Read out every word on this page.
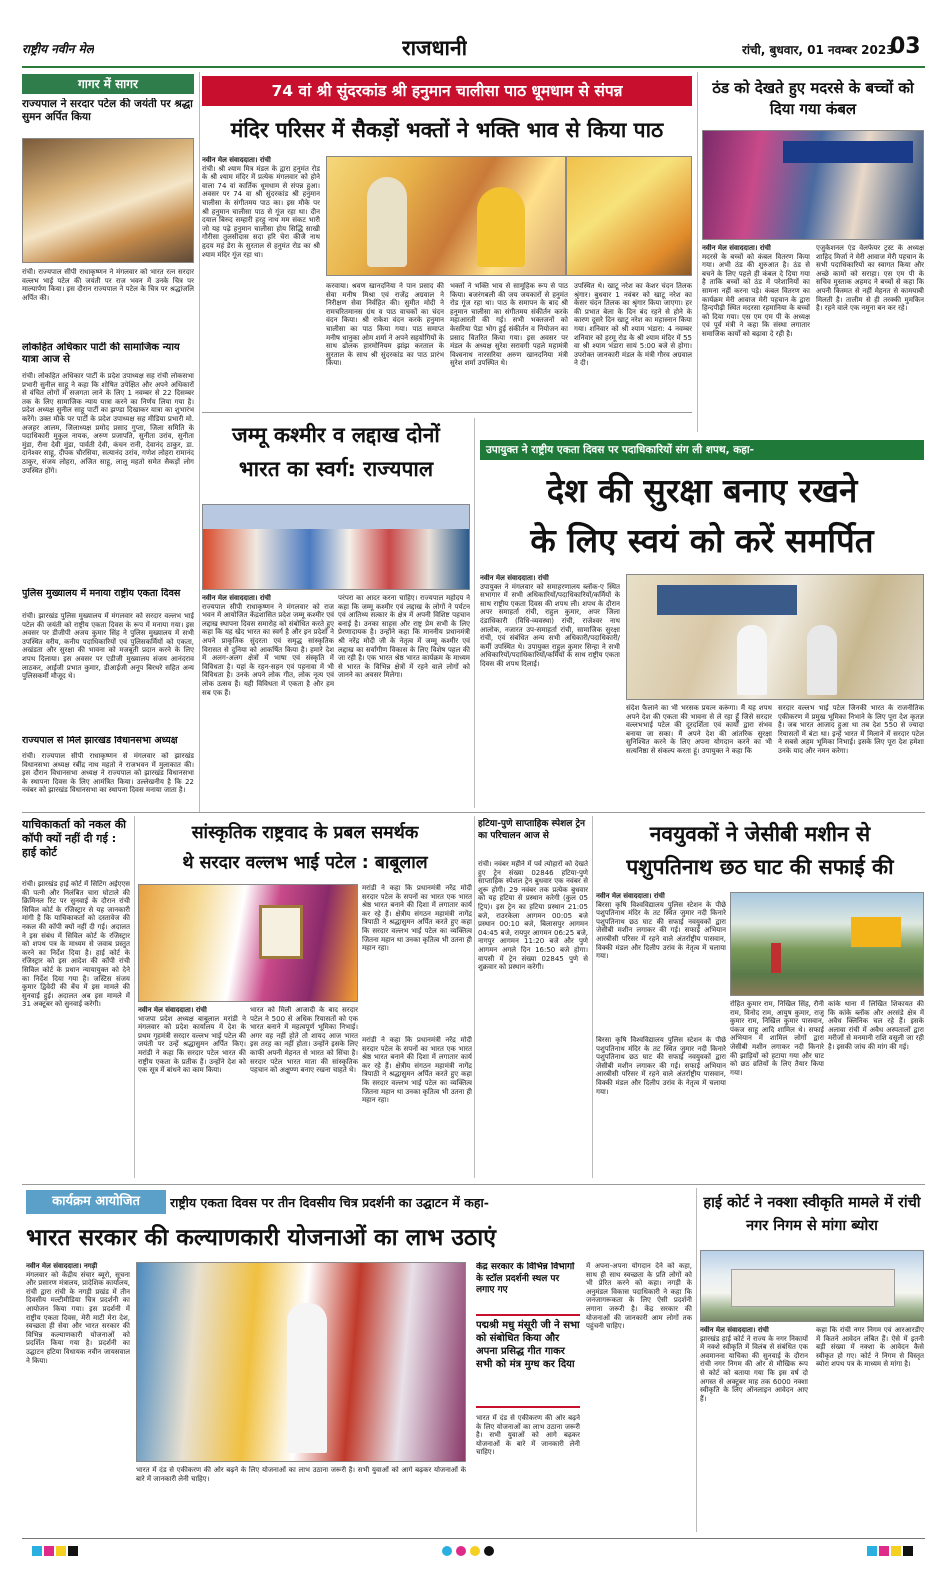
राष्ट्रीय नवीन मेल	राजधानी	रांची, बुधवार, 01 नवम्बर 2023
03
गागर में सागर
राज्यपाल ने सरदार पटेल की जयंती पर श्रद्धा सुमन अर्पित किया
रांची। राज्यपाल सीपी राधाकृष्णन ने मंगलवार को भारत रत्न सरदार वल्लभ भाई पटेल की जयंती पर राज भवन में उनके चित्र पर माल्यार्पण किया। इस दौरान राज्यपाल ने पटेल के चित्र पर श्रद्धांजलि अर्पित की।
लोकहित अधिकार पार्टी की सामाजिक न्याय यात्रा आज से
रांची। लोकहित अधिकार पार्टी के प्रदेश उपाध्यक्ष सह रांची लोकसभा प्रभारी सुनील साहू ने कहा कि शोषित उपेक्षित और अपने अधिकारों से वंचित लोगों में सजगता लाने के लिए 1 नवम्बर से 22 दिसम्बर तक के लिए सामाजिक न्याय यात्रा करने का निर्णय लिया गया है। प्रदेश अध्यक्ष सुनील साहू पार्टी का झण्डा दिखाकर यात्रा का शुभारंभ करेंगे। उक्त मौके पर पार्टी के प्रदेश उपाध्यक्ष सह मीडिया प्रभारी मो. अजहर आलम, जिलाध्यक्ष प्रमोद प्रसाद गुप्ता, जिला समिति के पदाधिकारी मुकुल नायक, अरुण प्रजापति, सुनीता उरांव, सुनीता मुंडा, रीना देवी मुंडा, पार्वती देवी, कंचन रानी, देवानंद ठाकुर, डा. दानेश्वर साहू, दीपक चौरसिया, सत्यानंद उरांव, गणेश लोहरा रामानंद ठाकुर, संजय लोहरा, अजित साहू, लालू महतो समेत सैकड़ों लोग उपस्थित होंगे।
पुलिस मुख्यालय में मनाया राष्ट्रीय एकता दिवस
रांची। झारखंड पुलिस मुख्यालय में मंगलवार को सरदार वल्लभ भाई पटेल की जयंती को राष्ट्रीय एकता दिवस के रूप में मनाया गया। इस अवसर पर डीजीपी अजय कुमार सिंह ने पुलिस मुख्यालय में सभी उपस्थित वरीय, कनीय पदाधिकारियों एवं पुलिसकर्मियों को एकता, अखंडता और सुरक्षा की भावना को मजबूती प्रदान करने के लिए शपथ दिलाया। इस अवसर पर एडीजी मुख्यालय संजय आनंदराव लाठकर, आईजी प्रभात कुमार, डीआईजी अनूप बिरथरे सहित अन्य पुलिसकर्मी मौजूद थे।
राज्यपाल से मिले झारखंड विधानसभा अध्यक्ष
रांची। राज्यपाल सीपी राधाकृष्णन से मंगलवार को झारखंड विधानसभा अध्यक्ष रबींद्र नाथ महतो ने राजभवन में मुलाकात की। इस दौरान विधानसभा अध्यक्ष ने राज्यपाल को झारखंड विधानसभा के स्थापना दिवस के लिए आमंत्रित किया। उल्लेखनीय है कि 22 नवंबर को झारखंड विधानसभा का स्थापना दिवस मनाया जाता है।
74 वां श्री सुंदरकांड श्री हनुमान चालीसा पाठ धूमधाम से संपन्न
मंदिर परिसर में सैकड़ों भक्तों ने भक्ति भाव से किया पाठ
नवीन मेल संवाददाता। रांची
रांची। श्री श्याम मित्र मंडल के द्वारा हनुमंत रोड के श्री श्याम मंदिर में प्रत्येक मंगलवार को होने वाला 74 वां कार्तिक धूमधाम से संपन्न हुआ। अवसर पर 74 वा श्री सुंदरकांड श्री हनुमान चालीसा के संगीतमय पाठ का। इस मौके पर श्री हनुमान चालीसा पाठ से गूंज रहा था। दीन दयाल बिरुद सम्हारी हरहु नाथ मम संकट भारी जो यह पढ़े हनुमान चालीसा होय सिद्धि साखी गौरीसा तुलसीदास सदा हरि चेरा कीजै नाथ हृदय महं डेरा के सुरताल से हनुमंत रोड का श्री श्याम मंदिर गूंज रहा था।
करवाया। श्रवण खानदनिया ने पान प्रसाद की सेवा मनीष मिश्रा एवं राजेंद्र अग्रवाल ने निरीक्षण सेवा निर्वहित की। सुमीत मोदी ने रामचरितमानस ग्रंथ व पाठ वाचकों का चंदन वंदन किया। श्री राकेश वंदन करके हनुमान चालीसा का पाठ किया गया। पाठ समाप्त मनीष धानुका ओम शर्मा ने अपने सहयोगियों के साथ ढोलक हारमोनियम झांझ करताल के सुरताल के साथ श्री सुंदरकांड का पाठ प्रारंभ किया।
भक्तों ने भक्ति भाव से सामूहिक रूप से पाठ किया। बजरंगबली की जय जयकारों से हनुमंत रोड गूंज रहा था। पाठ के समापन के बाद श्री हनुमान चालीसा का संगीतमय संकीर्तन करके महाआरती की गई। सभी भक्तजनों को केसरिया पेडा भोग हुई संकीर्तन व नियोजन का प्रसाद वितरित किया गया। इस अवसर पर मंडल के अध्यक्ष सुरेश सरावगी पहले महामंत्री विश्वनाथ नारसरिया अरुण खानदनिया मंत्री सुरेश शर्मा उपस्थित थे।
उपस्थित थे। खाटू नरेश का केशर चंदन तिलक श्रृंगार। बुधवार 1 नवंबर को खाटू नरेश का केसर चंदन तिलक का श्रृंगार किया जाएगा। हर की प्रभात बेला के दिन बंद रहने से होने के कारण दूसरे दिन खाटू नरेश का महास्नान किया गया। शनिवार को श्री श्याम भंडारा: 4 नवम्बर शनिवार को हरमू रोड के श्री श्याम मंदिर में 55 वा श्री श्याम भंडारा सायं 5:00 बजे से होगा। उपरोक्त जानकारी मंडल के मंत्री गौरव अग्रवाल ने दी।
ठंड को देखते हुए मदरसे के बच्चों को दिया गया कंबल
नवीन मेल संवाददाता। रांची
मदरसे के बच्चों को कंबल वितरण किया गया। अभी ठंड की शुरुआत है। ठंड से बचने के लिए पहले ही कंबल दे दिया गया है ताकि बच्चों को ठंड में परेशानियों का सामना नहीं करना पड़े। कंबल वितरण का कार्यक्रम मेरी आवाज मेरी पहचान के द्वारा हिन्दपीढ़ी स्थित मदरसा रहमानिया के बच्चों को दिया गया। एस एम एम पी के अध्यक्ष एवं पूर्व मंत्री ने कहा कि संस्था लगातार समाजिक कार्यों को बढ़ावा दे रही है।
एजुकेशनल एंड वेलफेयर ट्रस्ट के अध्यक्ष शाहिद मिर्जा ने मेरी आवाज मेरी पहचान के सभी पदाधिकारियों का स्वागत किया और अच्छे कामों को सराहा। एस एम पी के सचिव मुस्ताक अहमद ने बच्चों से कहा कि अपनी किस्मत से नहीं मेहनत से कामयाबी मिलती है। तालीम से ही तरक्की मुमकिन है। रहने वाले एक नमूना बन कर रहे।
जम्मू कश्मीर व लद्दाख दोनों
भारत का स्वर्ग: राज्यपाल
नवीन मेल संवाददाता। रांची
राज्यपाल सीपी राधाकृष्णन ने मंगलवार को राज भवन में आयोजित केंद्रशासित प्रदेश जम्मू कश्मीर एवं लद्दाख स्थापना दिवस समारोह को संबोधित करते हुए कहा कि यह खेद भारत का स्वर्ग है और इन प्रदेशों ने अपने प्राकृतिक सुंदरता एवं समृद्ध सांस्कृतिक विरासत से दुनिया को आकर्षित किया है। हमारे देश में अलग-अलग क्षेत्रों में भाषा एवं संस्कृति में विविधता है। यहां के रहन-सहन एवं पहनावा में भी विविधता है। उनके अपने लोक गीत, लोक नृत्य एवं लोक उत्सव हैं। यही विविधता में एकता है और हम सब एक हैं।
परंपरा का आदर करना चाहिए। राज्यपाल महोदय ने कहा कि जम्मू कश्मीर एवं लद्दाख के लोगों ने पर्यटन एवं आतिथ्य सत्कार के क्षेत्र में अपनी विशिष्ट पहचान बनाई है। उनका साहस और राष्ट्र प्रेम सभी के लिए प्रेरणादायक है। उन्होंने कहा कि माननीय प्रधानमंत्री श्री नरेंद्र मोदी जी के नेतृत्व में जम्मू कश्मीर एवं लद्दाख का सर्वांगीण विकास के लिए विशेष पहल की जा रही है। एक भारत श्रेष्ठ भारत कार्यक्रम के माध्यम से भारत के विभिन्न क्षेत्रों में रहने वाले लोगों को जानने का अवसर मिलेगा।
उपायुक्त ने राष्ट्रीय एकता दिवस पर पदाधिकारियों संग ली शपथ, कहा-
देश की सुरक्षा बनाए रखने
के लिए स्वयं को करें समर्पित
नवीन मेल संवाददाता। रांची
उपायुक्त ने मंगलवार को समाहरणालय ब्लॉक-ए स्थित सभागार में सभी अधिकारियों/पदाधिकारियों/कर्मियों के साथ राष्ट्रीय एकता दिवस की शपथ ली। शपथ के दौरान अपर समाहर्ता रांची, राहुल कुमार, अपर जिला दंडाधिकारी (विधि-व्यवस्था) रांची, राजेश्वर नाथ आलोक, नजारत उप-समाहर्ता रांची, सामाजिक सुरक्षा रांची, एवं संबंधित अन्य सभी अधिकारी/पदाधिकारी/कर्मी उपस्थित थे। उपायुक्त राहुल कुमार सिन्हा ने सभी अधिकारियों/पदाधिकारियों/कर्मियों के साथ राष्ट्रीय एकता दिवस की शपथ दिलाई।
संदेश फैलाने का भी भरसक प्रयत्न करूंगा। मैं यह शपथ अपने देश की एकता की भावना से ले रहा हूँ जिसे सरदार वल्लभभाई पटेल की दूरदर्शिता एवं कार्यों द्वारा संभव बनाया जा सका। मैं अपने देश की आंतरिक सुरक्षा सुनिश्चित करने के लिए अपना योगदान करने का भी सत्यनिष्ठा से संकल्प करता हूं। उपायुक्त ने कहा कि
सरदार वल्लभ भाई पटेल जिनकी भारत के राजनीतिक एकीकरण में प्रमुख भूमिका निभाने के लिए पूरा देश कृतज्ञ है। जब भारत आजाद हुआ था तब देश 550 से ज्यादा रियासतों में बंटा था। इन्हें भारत में मिलाने में सरदार पटेल ने सबसे अहम भूमिका निभाई। इसके लिए पूरा देश हमेशा उनके याद और नमन करेगा।
याचिकाकर्ता को नकल की कॉपी क्यों नहीं दी गई : हाई कोर्ट
रांची। झारखंड हाई कोर्ट में सिटिंग अईएएस की पत्नी और निलंबित चारा घोटाले की क्रिमिनल रिट पर सुनवाई के दौरान रांची सिविल कोर्ट के रजिस्ट्रार से यह जानकारी मांगी है कि याचिकाकर्ता को दस्तावेज की नकल की कॉपी क्यों नहीं दी गई। अदालत ने इस संबंध में सिविल कोर्ट के रजिस्ट्रार को शपथ पत्र के माध्यम से जवाब प्रस्तुत करने का निर्देश दिया है। हाई कोर्ट के रजिस्ट्रार को इस आदेश की कॉपी रांची सिविल कोर्ट के प्रधान न्यायायुक्त को देने का निर्देश दिया गया है। जस्टिस संजय कुमार द्विवेदी की बेंच में इस मामले की सुनवाई हुई। अदालत अब इस मामले में 31 अक्टूबर को सुनवाई करेगी।
सांस्कृतिक राष्ट्रवाद के प्रबल समर्थक
थे सरदार वल्लभ भाई पटेल : बाबूलाल
मरांडी ने कहा कि प्रधानमंत्री नरेंद्र मोदी सरदार पटेल के सपनों का भारत एक भारत श्रेष्ठ भारत बनाने की दिशा में लगातार कार्य कर रहे हैं। क्षेत्रीय संगठन महामंत्री नागेंद्र त्रिपाठी ने श्रद्धासुमन अर्पित करते हुए कहा कि सरदार वल्लभ भाई पटेल का व्यक्तित्व जितना महान था उनका कृतित्व भी उतना ही महान रहा।
नवीन मेल संवाददाता। रांची
भाजपा प्रदेश अध्यक्ष बाबूलाल मरांडी ने मंगलवार को प्रदेश कार्यालय में देश के प्रथम गृहमंत्री सरदार वल्लभ भाई पटेल की जयंती पर उन्हें श्रद्धासुमन अर्पित किए। मरांडी ने कहा कि सरदार पटेल भारत की राष्ट्रीय एकता के प्रतीक हैं। उन्होंने देश को एक सूत्र में बांधने का काम किया।
भारत को मिली आजादी के बाद सरदार पटेल ने 500 से अधिक रियासतों को एक भारत बनाने में महत्वपूर्ण भूमिका निभाई। अगर वह नहीं होते तो शायद आज भारत इस तरह का नहीं होता। उन्होंने इसके लिए काफी अपनी मेहनत से भारत को सिंचा है। सरदार पटेल भारत माता की सांस्कृतिक पहचान को अक्षुण्ण बनाए रखना चाहते थे।
मरांडी ने कहा कि प्रधानमंत्री नरेंद्र मोदी सरदार पटेल के सपनों का भारत एक भारत श्रेष्ठ भारत बनाने की दिशा में लगातार कार्य कर रहे हैं। क्षेत्रीय संगठन महामंत्री नागेंद्र त्रिपाठी ने श्रद्धासुमन अर्पित करते हुए कहा कि सरदार वल्लभ भाई पटेल का व्यक्तित्व जितना महान था उनका कृतित्व भी उतना ही महान रहा।
हटिया-पुणे साप्ताहिक स्पेशल ट्रेन का परिचालन आज से
रांची। नवंबर महीने में पर्व त्योहारों को देखते हुए ट्रेन संख्या 02846 हटिया-पुणे साप्ताहिक स्पेशल ट्रेन बुधवार एक नवंबर से शुरू होगी। 29 नवंबर तक प्रत्येक बुधवार को यह हटिया से प्रस्थान करेगी (कुल 05 ट्रिप)। इस ट्रेन का हटिया प्रस्थान 21:05 बजे, राउरकेला आगमन 00:05 बजे प्रस्थान 00:10 बजे, बिलासपुर आगमन 04:45 बजे, रायपुर आगमन 06:25 बजे, नागपुर आगमन 11:20 बजे और पुणे आगमन अगले दिन 16:50 बजे होगा। वापसी में ट्रेन संख्या 02845 पुणे से शुक्रवार को प्रस्थान करेगी।
नवयुवकों ने जेसीबी मशीन से
पशुपतिनाथ छठ घाट की सफाई की
नवीन मेल संवाददाता। रांची
बिरसा कृषि विश्वविद्यालय पुलिस स्टेशन के पीछे पशुपतिनाथ मंदिर के तट स्थित जुमार नदी किनारे पशुपतिनाथ छठ घाट की सफाई नवयुवकों द्वारा जेसीबी मशीन लगाकर की गई। सफाई अभियान आरबीसी परिसर में रहने वाले अंतर्राष्ट्रीय पासवान, विक्की मंडल और दिलीप उरांव के नेतृत्व में चलाया गया।
रोहित कुमार राम, निखिल सिंह, रौनी राम, विनोद राम, आयुष कुमार, राजू कुमार राम, निखिल कुमार पासवान, पंकज साहू आदि शामिल थे। सफाई अभियान में शामिल लोगों द्वारा जेसीबी मशीन लगाकर नदी किनारे की झाड़ियों को हटाया गया और घाट को छठ व्रतियों के लिए तैयार किया गया।
कांके थाना में लिखित शिकायत की कि कांके ब्लॉक और अरसंडे क्षेत्र में अवैध क्लिनिक चल रहे हैं। इसके अलावा रांची में अवैध अस्पतालों द्वारा मरीजों से मनमानी राशि वसूली जा रही है। इसकी जांच की मांग की गई।
बिरसा कृषि विश्वविद्यालय पुलिस स्टेशन के पीछे पशुपतिनाथ मंदिर के तट स्थित जुमार नदी किनारे पशुपतिनाथ छठ घाट की सफाई नवयुवकों द्वारा जेसीबी मशीन लगाकर की गई। सफाई अभियान आरबीसी परिसर में रहने वाले अंतर्राष्ट्रीय पासवान, विक्की मंडल और दिलीप उरांव के नेतृत्व में चलाया गया।
कार्यक्रम आयोजित	राष्ट्रीय एकता दिवस पर तीन दिवसीय चित्र प्रदर्शनी का उद्घाटन में कहा-
भारत सरकार की कल्याणकारी योजनाओं का लाभ उठाएं
नवीन मेल संवाददाता। नगड़ी
मंगलवार को केंद्रीय संचार ब्यूरो, सूचना और प्रसारण मंत्रालय, प्रादेशिक कार्यालय, रांची द्वारा रांची के नगड़ी प्रखंड में तीन दिवसीय मल्टीमीडिया चित्र प्रदर्शनी का आयोजन किया गया। इस प्रदर्शनी में राष्ट्रीय एकता दिवस, मेरी माटी मेरा देश, स्वच्छता ही सेवा और भारत सरकार की विभिन्न कल्याणकारी योजनाओं को प्रदर्शित किया गया है। प्रदर्शनी का उद्घाटन हटिया विधायक नवीन जायसवाल ने किया।
भारत में दंड से एकीकरण की ओर बढ़ने के लिए योजनाओं का लाभ उठाना जरूरी है। सभी युवाओं को आगे बढ़कर योजनाओं के बारे में जानकारी लेनी चाहिए।
केंद्र सरकार के विभिन्न विभागों के स्टॉल प्रदर्शनी स्थल पर लगाए गए
पद्मश्री मधु मंसूरी जी ने सभा को संबोधित किया और अपना प्रसिद्ध गीत गाकर सभी को मंत्र मुग्ध कर दिया
भारत में दंड से एकीकरण की ओर बढ़ने के लिए योजनाओं का लाभ उठाना जरूरी है। सभी युवाओं को आगे बढ़कर योजनाओं के बारे में जानकारी लेनी चाहिए।
में अपना-अपना योगदान देने को कहा, साथ ही साथ स्वच्छता के प्रति लोगों को भी प्रेरित करने को कहा। नगड़ी के अनुमंडल विकास पदाधिकारी ने कहा कि जनजागरूकता के लिए ऐसी प्रदर्शनी लगाना जरूरी है। केंद्र सरकार की योजनाओं की जानकारी आम लोगों तक पहुंचनी चाहिए।
हाई कोर्ट ने नक्शा स्वीकृति मामले में रांची नगर निगम से मांगा ब्योरा
नवीन मेल संवाददाता। रांची
झारखंड हाई कोर्ट ने राज्य के नगर निकायों में नक्शे स्वीकृति में विलंब से संबंधित एक अवमानना याचिका की सुनवाई के दौरान रांची नगर निगम की ओर से मौखिक रूप से कोर्ट को बताया गया कि इस वर्ष दो अगस्त से अक्टूबर माह तक 6000 नक्शा स्वीकृति के लिए ऑनलाइन आवेदन आए हैं।
कहा कि रांची नगर निगम एवं आरआरडीए में कितने आवेदन लंबित हैं। ऐसे में इतनी बड़ी संख्या में नक्शा के आवेदन कैसे स्वीकृत हो गए। कोर्ट ने निगम से विस्तृत ब्योरा शपथ पत्र के माध्यम से मांगा है।
